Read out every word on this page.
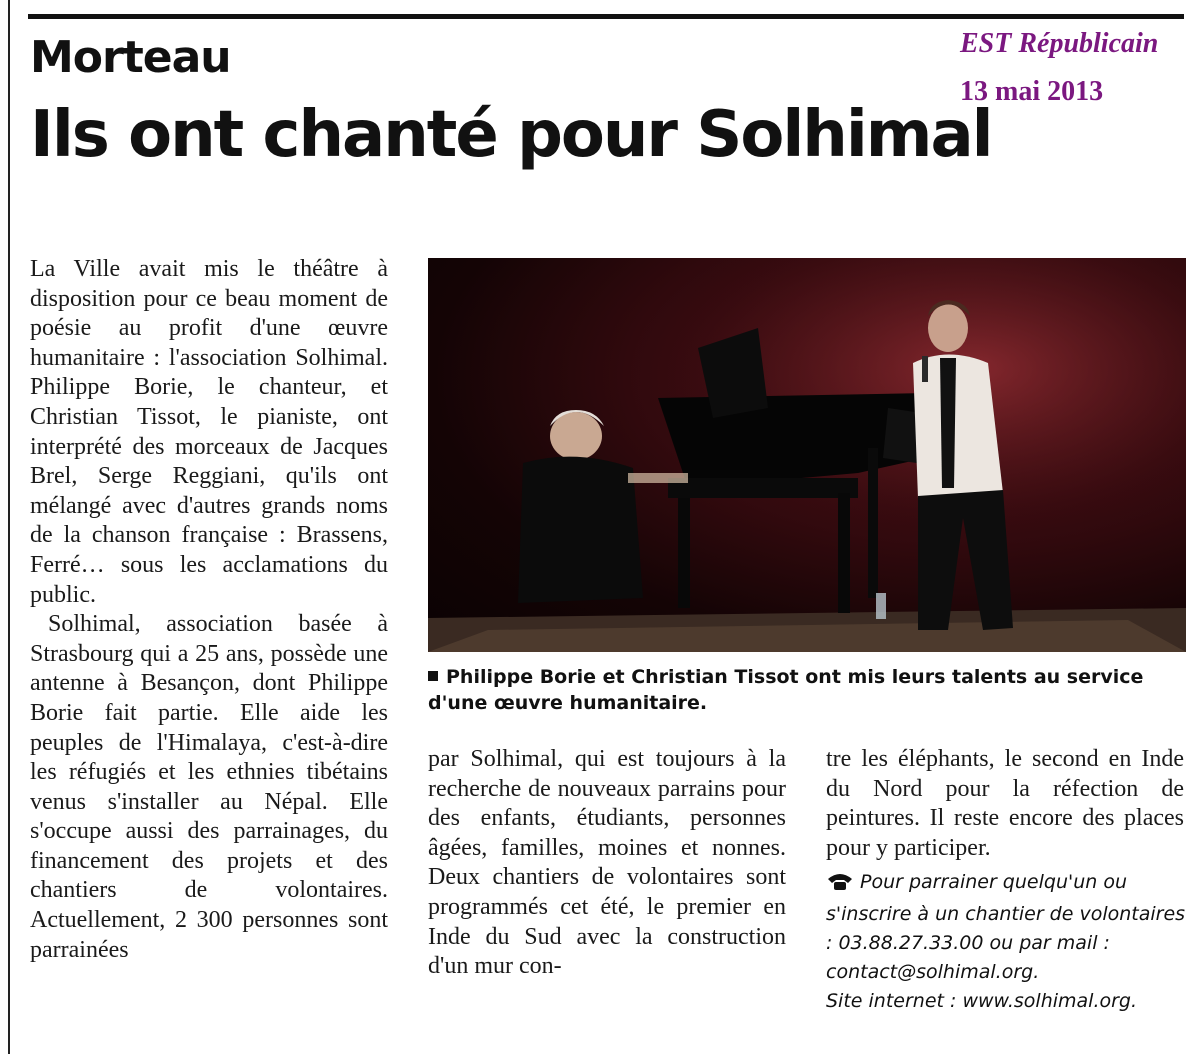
Morteau
Ils ont chanté pour Solhimal
EST Républicain
13 mai 2013

La Ville avait mis le théâtre à disposition pour ce beau moment de poésie au profit d'une œuvre humanitaire : l'association Solhimal. Philippe Borie, le chanteur, et Christian Tissot, le pianiste, ont interprété des morceaux de Jacques Brel, Serge Reggiani, qu'ils ont mélangé avec d'autres grands noms de la chanson française : Brassens, Ferré… sous les acclamations du public.

Solhimal, association basée à Strasbourg qui a 25 ans, possède une antenne à Besançon, dont Philippe Borie fait partie. Elle aide les peuples de l'Himalaya, c'est-à-dire les réfugiés et les ethnies tibétains venus s'installer au Népal. Elle s'occupe aussi des parrainages, du financement des projets et des chantiers de volontaires. Actuellement, 2 300 personnes sont parrainées

Philippe Borie et Christian Tissot ont mis leurs talents au service d'une œuvre humanitaire.

par Solhimal, qui est toujours à la recherche de nouveaux parrains pour des enfants, étudiants, personnes âgées, familles, moines et nonnes. Deux chantiers de volontaires sont programmés cet été, le premier en Inde du Sud avec la construction d'un mur con-

tre les éléphants, le second en Inde du Nord pour la réfection de peintures. Il reste encore des places pour y participer.

Pour parrainer quelqu'un ou s'inscrire à un chantier de volontaires : 03.88.27.33.00 ou par mail : contact@solhimal.org.

Site internet : www.solhimal.org.
